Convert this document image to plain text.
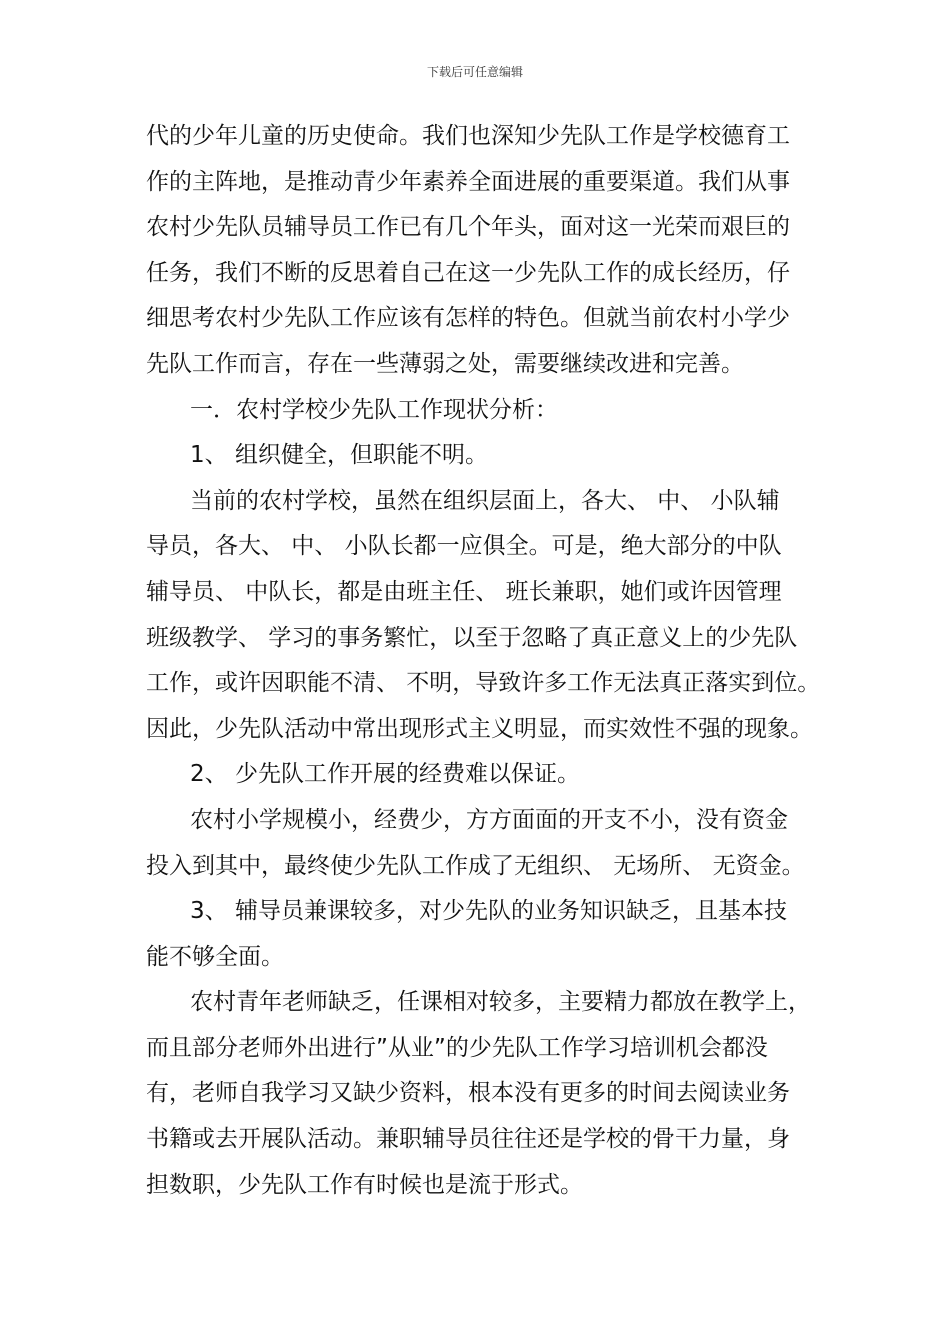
下载后可任意编辑
代的少年儿童的历史使命。我们也深知少先队工作是学校德育工
作的主阵地，是推动青少年素养全面进展的重要渠道。我们从事
农村少先队员辅导员工作已有几个年头，面对这一光荣而艰巨的
任务，我们不断的反思着自己在这一少先队工作的成长经历，仔
细思考农村少先队工作应该有怎样的特色。但就当前农村小学少
先队工作而言，存在一些薄弱之处，需要继续改进和完善。
一．农村学校少先队工作现状分析：
1、 组织健全，但职能不明。
当前的农村学校，虽然在组织层面上，各大、 中、 小队辅
导员，各大、 中、 小队长都一应俱全。可是，绝大部分的中队
辅导员、 中队长，都是由班主任、 班长兼职，她们或许因管理
班级教学、 学习的事务繁忙，以至于忽略了真正意义上的少先队
工作，或许因职能不清、 不明，导致许多工作无法真正落实到位。
因此，少先队活动中常出现形式主义明显，而实效性不强的现象。
2、 少先队工作开展的经费难以保证。
农村小学规模小，经费少，方方面面的开支不小，没有资金
投入到其中，最终使少先队工作成了无组织、 无场所、 无资金。
3、 辅导员兼课较多，对少先队的业务知识缺乏，且基本技
能不够全面。
农村青年老师缺乏，任课相对较多，主要精力都放在教学上，
而且部分老师外出进行”从业”的少先队工作学习培训机会都没
有，老师自我学习又缺少资料，根本没有更多的时间去阅读业务
书籍或去开展队活动。兼职辅导员往往还是学校的骨干力量，身
担数职，少先队工作有时候也是流于形式。
